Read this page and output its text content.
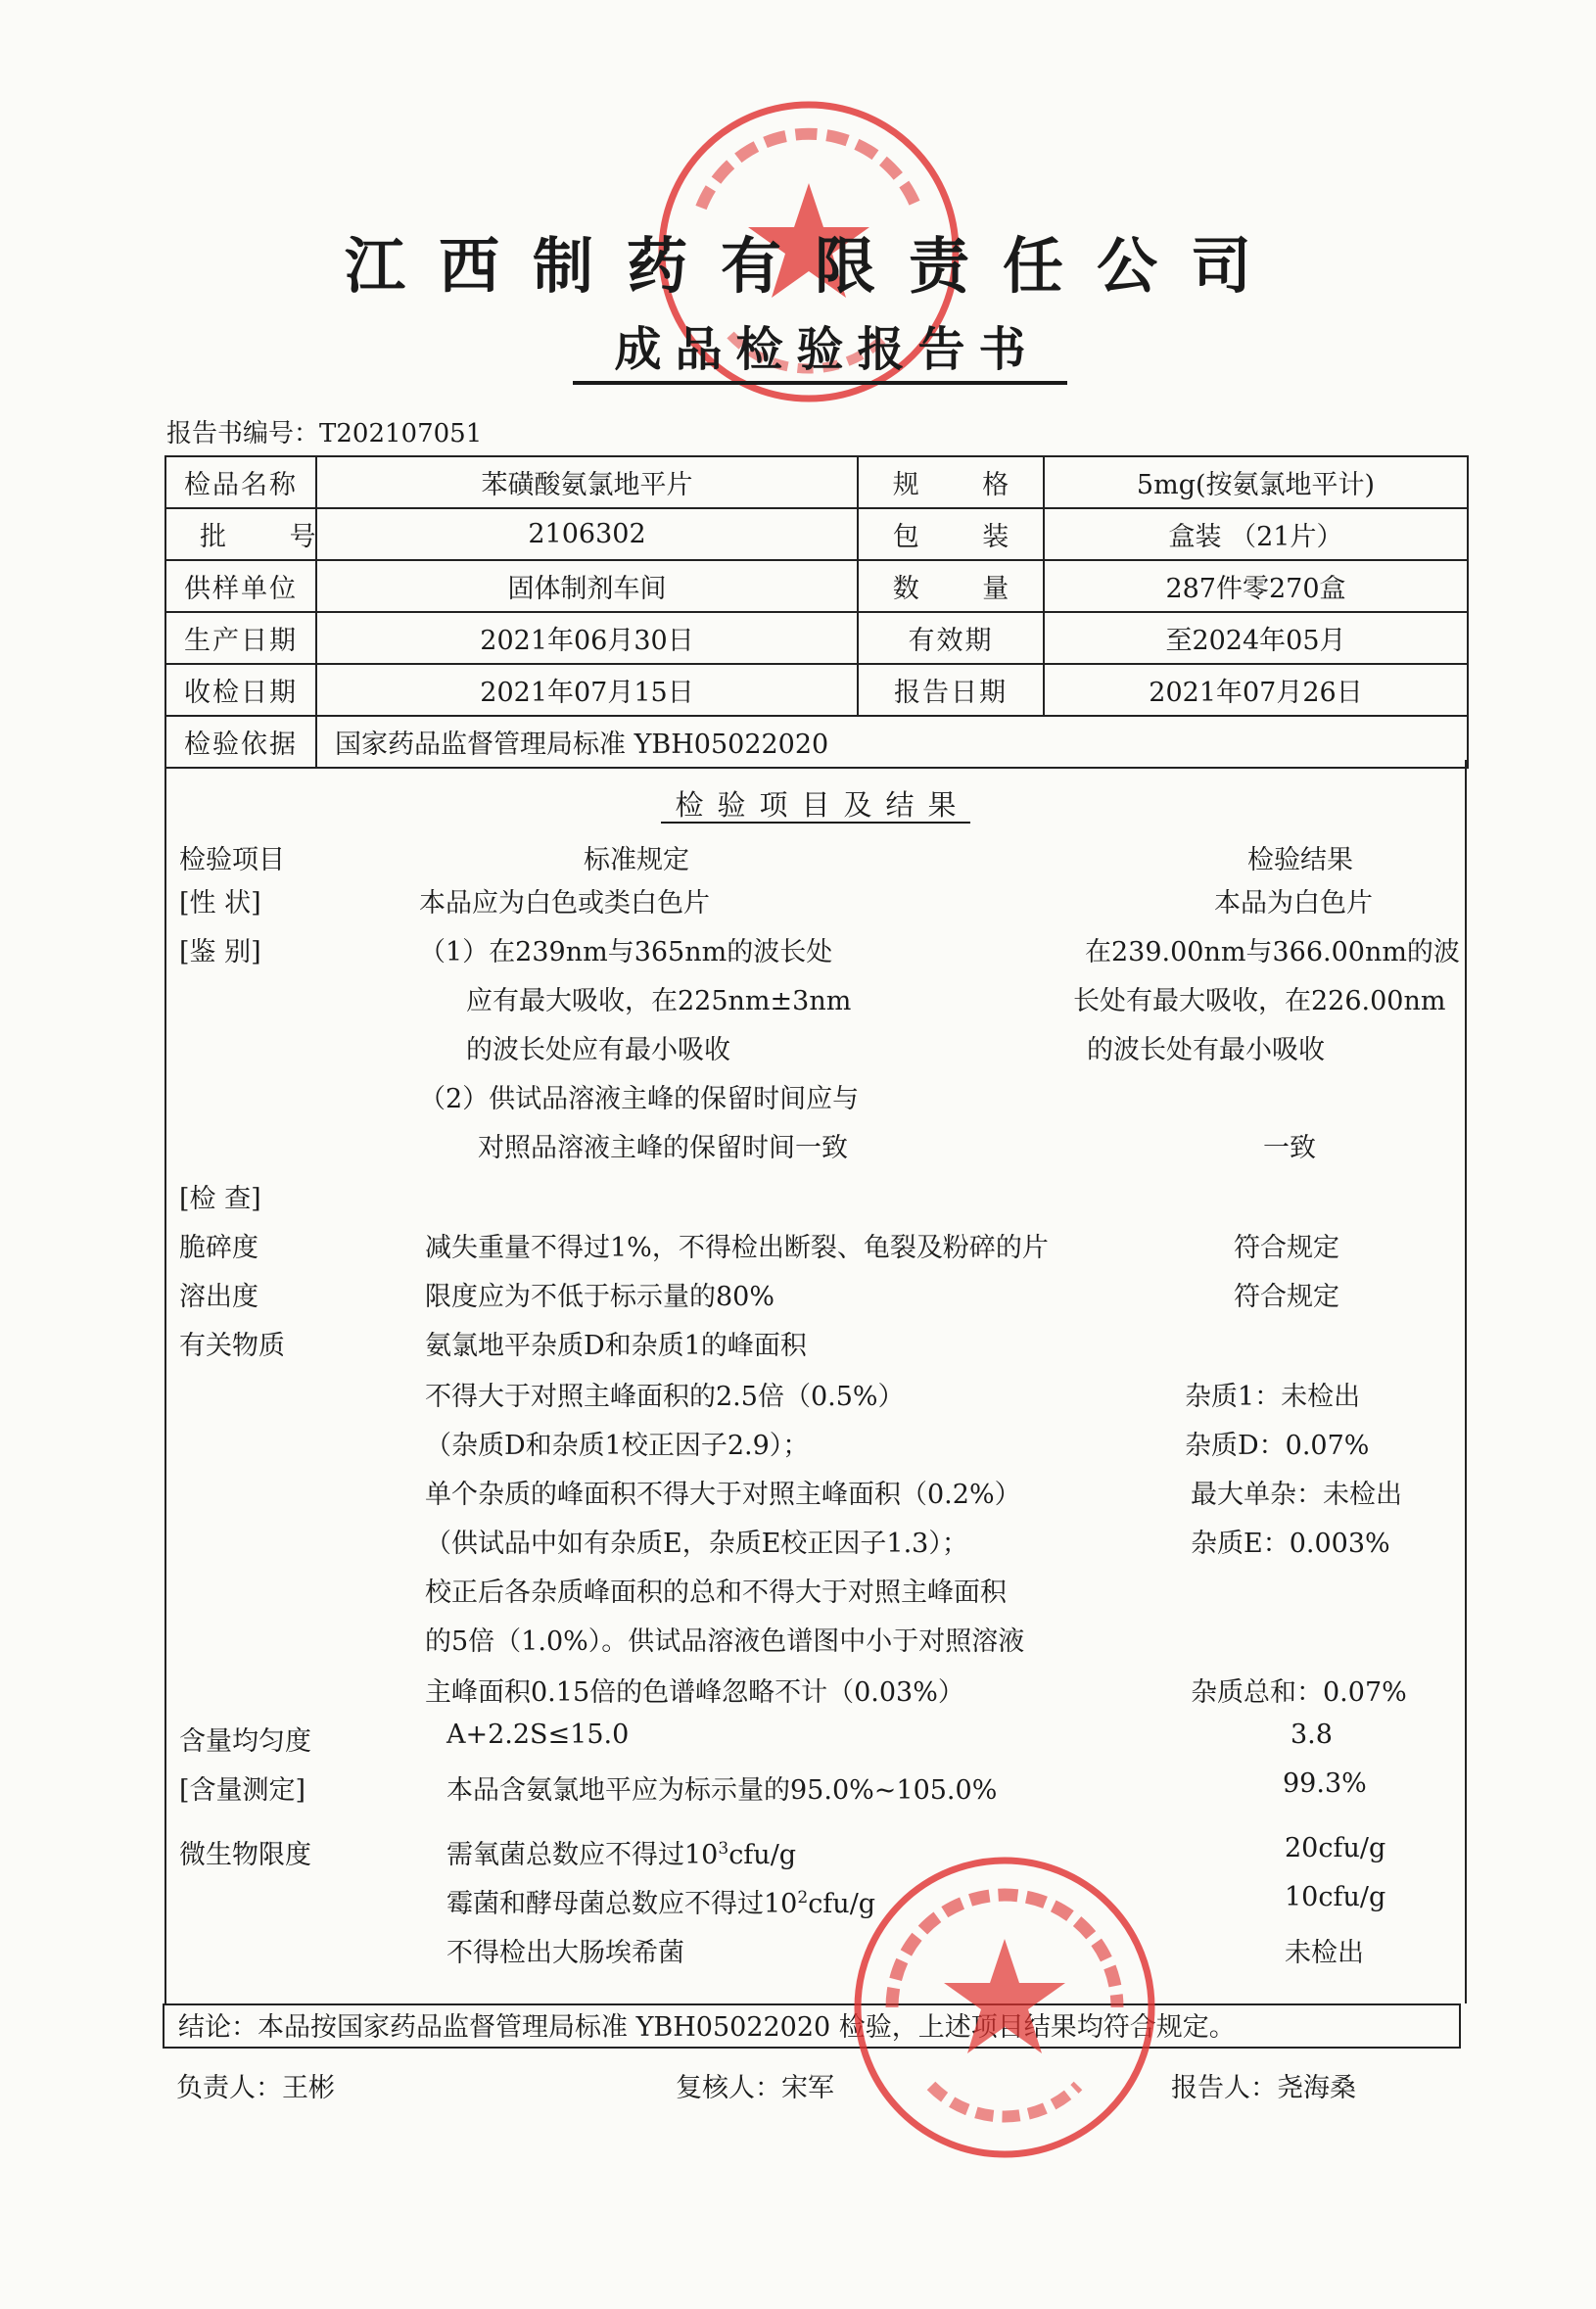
江西制药有限责任公司
成品检验报告书
报告书编号：T202107051
检品名称	苯磺酸氨氯地平片	规 格	5mg(按氨氯地平计)
批 号	2106302	包 装	盒装 （21片）
供样单位	固体制剂车间	数 量	287件零270盒
生产日期	2021年06月30日	有效期	至2024年05月
收检日期	2021年07月15日	报告日期	2021年07月26日
检验依据	国家药品监督管理局标准 YBH05022020		
检验项目及结果
检验项目	标准规定	检验结果
[性 状]	本品应为白色或类白色片	本品为白色片
[鉴 别]	（1）在239nm与365nm的波长处	在239.00nm与366.00nm的波
应有最大吸收，在225nm±3nm	长处有最大吸收，在226.00nm
的波长处应有最小吸收	的波长处有最小吸收
（2）供试品溶液主峰的保留时间应与
对照品溶液主峰的保留时间一致	一致
[检 查]
脆碎度	减失重量不得过1%，不得检出断裂、龟裂及粉碎的片	符合规定
溶出度	限度应为不低于标示量的80%	符合规定
有关物质	氨氯地平杂质D和杂质1的峰面积
不得大于对照主峰面积的2.5倍（0.5%）	杂质1：未检出
（杂质D和杂质1校正因子2.9）；	杂质D：0.07%
单个杂质的峰面积不得大于对照主峰面积（0.2%）	最大单杂：未检出
（供试品中如有杂质E，杂质E校正因子1.3）；	杂质E：0.003%
校正后各杂质峰面积的总和不得大于对照主峰面积
的5倍（1.0%）。供试品溶液色谱图中小于对照溶液
主峰面积0.15倍的色谱峰忽略不计（0.03%）	杂质总和：0.07%
含量均匀度	A+2.2S≤15.0	3.8
[含量测定]	本品含氨氯地平应为标示量的95.0%~105.0%	99.3%
微生物限度	需氧菌总数应不得过$10^3cfu/g$	20cfu/g
霉菌和酵母菌总数应不得过$10^2cfu/g$	10cfu/g
不得检出大肠埃希菌	未检出
结论：本品按国家药品监督管理局标准 YBH05022020 检验，上述项目结果均符合规定。
负责人：王彬	复核人：宋军	报告人：尧海桑
